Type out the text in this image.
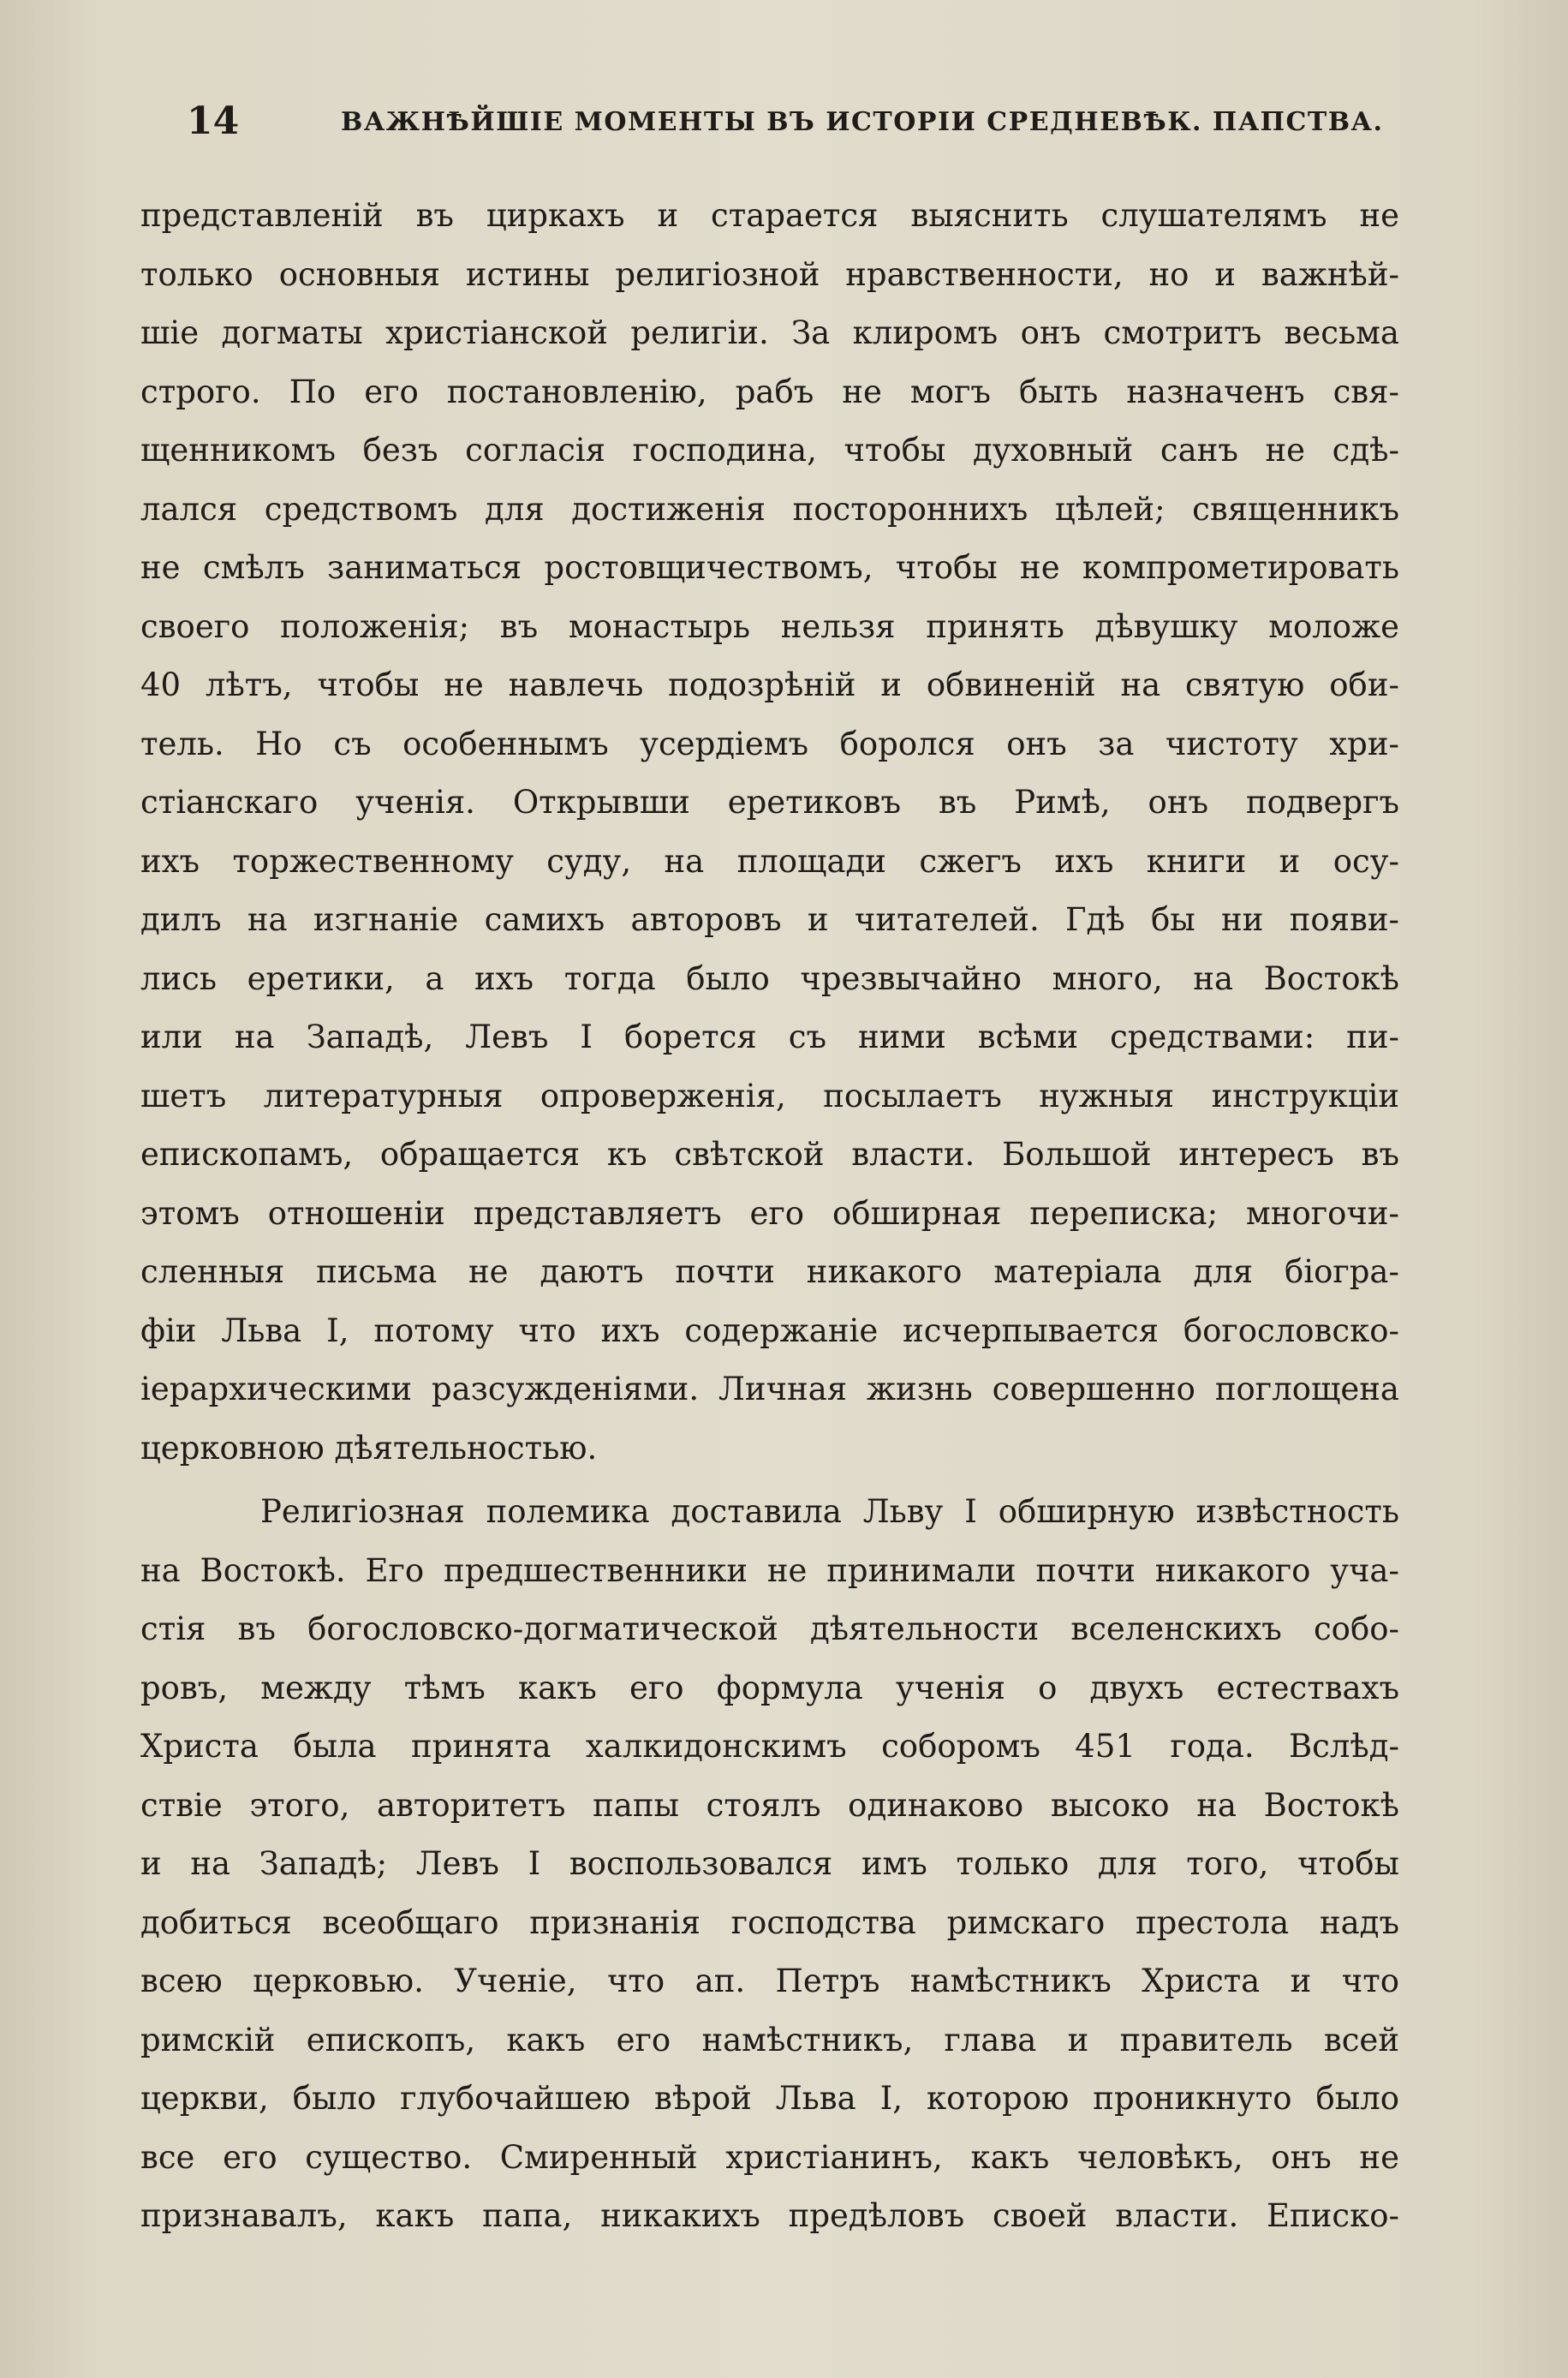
14	ВАЖНѢЙШІЕ МОМЕНТЫ ВЪ ИСТОРІИ СРЕДНЕВѢК. ПАПСТВА.
представленій въ циркахъ и старается выяснить слушателямъ не
только основныя истины религіозной нравственности, но и важнѣй-
шіе догматы христіанской религіи. За клиромъ онъ смотритъ весьма
строго. По его постановленію, рабъ не могъ быть назначенъ свя-
щенникомъ безъ согласія господина, чтобы духовный санъ не сдѣ-
лался средствомъ для достиженія постороннихъ цѣлей; священникъ
не смѣлъ заниматься ростовщичествомъ, чтобы не компрометировать
своего положенія; въ монастырь нельзя принять дѣвушку моложе
40 лѣтъ, чтобы не навлечь подозрѣній и обвиненій на святую оби-
тель. Но съ особеннымъ усердіемъ боролся онъ за чистоту хри-
стіанскаго ученія. Открывши еретиковъ въ Римѣ, онъ подвергъ
ихъ торжественному суду, на площади сжегъ ихъ книги и осу-
дилъ на изгнаніе самихъ авторовъ и читателей. Гдѣ бы ни появи-
лись еретики, а ихъ тогда было чрезвычайно много, на Востокѣ
или на Западѣ, Левъ I борется съ ними всѣми средствами: пи-
шетъ литературныя опроверженія, посылаетъ нужныя инструкціи
епископамъ, обращается къ свѣтской власти. Большой интересъ въ
этомъ отношеніи представляетъ его обширная переписка; многочи-
сленныя письма не даютъ почти никакого матеріала для біогра-
фіи Льва I, потому что ихъ содержаніе исчерпывается богословско-
іерархическими разсужденіями. Личная жизнь совершенно поглощена
церковною дѣятельностью.
Религіозная полемика доставила Льву I обширную извѣстность
на Востокѣ. Его предшественники не принимали почти никакого уча-
стія въ богословско-догматической дѣятельности вселенскихъ собо-
ровъ, между тѣмъ какъ его формула ученія о двухъ естествахъ
Христа была принята халкидонскимъ соборомъ 451 года. Вслѣд-
ствіе этого, авторитетъ папы стоялъ одинаково высоко на Востокѣ
и на Западѣ; Левъ I воспользовался имъ только для того, чтобы
добиться всеобщаго признанія господства римскаго престола надъ
всею церковью. Ученіе, что ап. Петръ намѣстникъ Христа и что
римскій епископъ, какъ его намѣстникъ, глава и правитель всей
церкви, было глубочайшею вѣрой Льва I, которою проникнуто было
все его существо. Смиренный христіанинъ, какъ человѣкъ, онъ не
признавалъ, какъ папа, никакихъ предѣловъ своей власти. Еписко-
